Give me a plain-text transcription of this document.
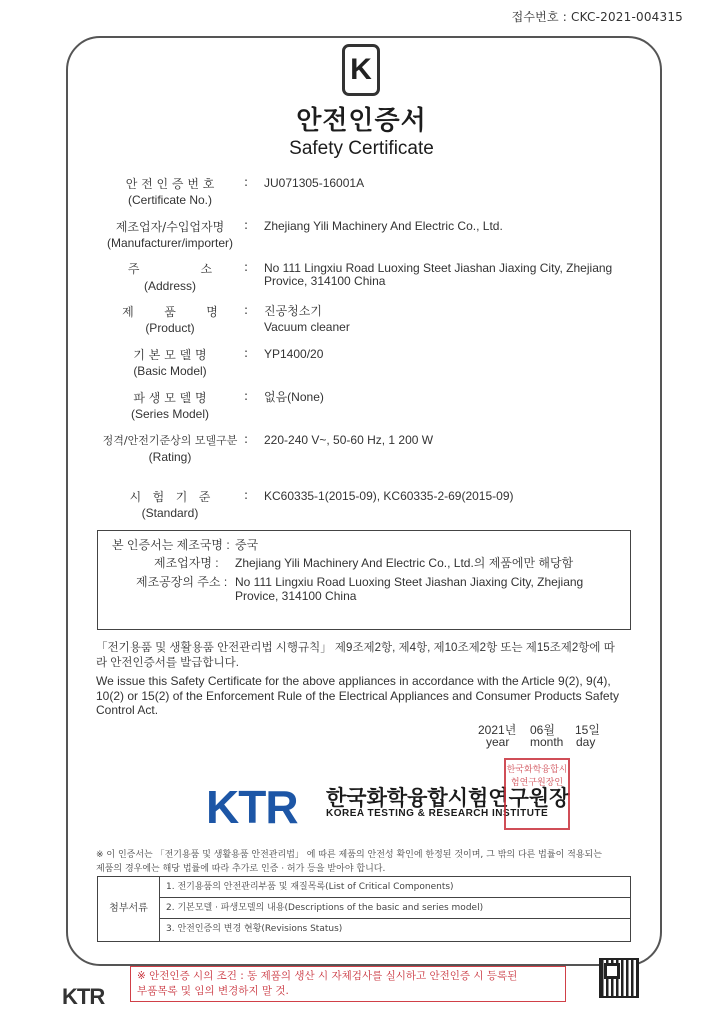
접수번호 : CKC-2021-004315
K
안전인증서
Safety Certificate
안 전 인 증 번 호
(Certificate No.)
: JU071305-16001A
제조업자/수입업자명
(Manufacturer/importer)
: Zhejiang Yili Machinery And Electric Co., Ltd.
주                소
(Address)
: No 111 Lingxiu Road Luoxing Steet Jiashan Jiaxing City, Zhejiang
Provice, 314100 China
제        품        명
(Product)
: 진공청소기
Vacuum cleaner
기 본 모 델 명
(Basic Model)
: YP1400/20
파 생 모 델 명
(Series Model)
: 없음(None)
정격/안전기준상의 모델구분
(Rating)
: 220-240 V~, 50-60 Hz, 1 200 W
시   험   기   준
(Standard)
: KC60335-1(2015-09), KC60335-2-69(2015-09)
본 인증서는 제조국명 : 중국
제조업자명 : Zhejiang Yili Machinery And Electric Co., Ltd.의 제품에만 해당함
제조공장의 주소 : No 111 Lingxiu Road Luoxing Steet Jiashan Jiaxing City, Zhejiang
Provice, 314100 China
「전기용품 및 생활용품 안전관리법 시행규칙」 제9조제2항, 제4항, 제10조제2항 또는 제15조제2항에 따
라 안전인증서를 발급합니다.
We issue this Safety Certificate for the above appliances in accordance with the Article 9(2), 9(4), 10(2) or 15(2) of the Enforcement Rule of the Electrical Appliances and Consumer Products Safety Control Act.
2021년 06월 15일
year month day
KTR 한국화학융합시험연구원장
KOREA TESTING & RESEARCH INSTITUTE
한국화학융합시험연구원장인
※ 이 인증서는 「전기용품 및 생활용품 안전관리법」 에 따른 제품의 안전성 확인에 한정된 것이며, 그 밖의 다른 법률이 적용되는
제품의 경우에는 해당 법률에 따라 추가로 인증 · 허가 등을 받아야 합니다.
첨부서류
1. 전기용품의 안전관리부품 및 재질목록(List of Critical Components)
2. 기본모델 · 파생모델의 내용(Descriptions of the basic and series model)
3. 안전인증의 변경 현황(Revisions Status)
※ 안전인증 시의 조건 : 동 제품의 생산 시 자체검사를 실시하고 안전인증 시 등록된
부품목록 및 임의 변경하지 말 것.
KTR
